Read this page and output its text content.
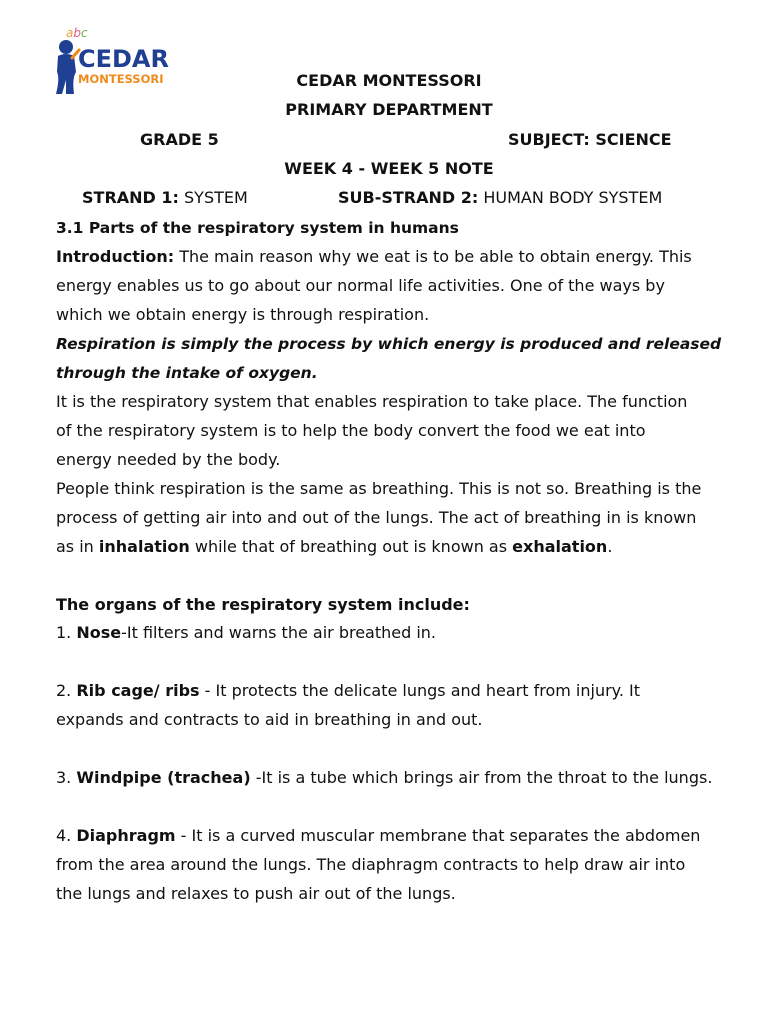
abc
CEDAR
MONTESSORI	CEDAR MONTESSORI
PRIMARY DEPARTMENT
GRADE 5	SUBJECT: SCIENCE
WEEK 4 - WEEK 5 NOTE
STRAND 1: SYSTEM	SUB-STRAND 2: HUMAN BODY SYSTEM
3.1 Parts of the respiratory system in humans
Introduction: The main reason why we eat is to be able to obtain energy. This
energy enables us to go about our normal life activities. One of the ways by
which we obtain energy is through respiration.
Respiration is simply the process by which energy is produced and released
through the intake of oxygen.
It is the respiratory system that enables respiration to take place. The function
of the respiratory system is to help the body convert the food we eat into
energy needed by the body.
People think respiration is the same as breathing. This is not so. Breathing is the
process of getting air into and out of the lungs. The act of breathing in is known
as in inhalation while that of breathing out is known as exhalation.
The organs of the respiratory system include:
1. Nose-It filters and warns the air breathed in.
2. Rib cage/ ribs - It protects the delicate lungs and heart from injury. It
expands and contracts to aid in breathing in and out.
3. Windpipe (trachea) -It is a tube which brings air from the throat to the lungs.
4. Diaphragm - It is a curved muscular membrane that separates the abdomen
from the area around the lungs. The diaphragm contracts to help draw air into
the lungs and relaxes to push air out of the lungs.
